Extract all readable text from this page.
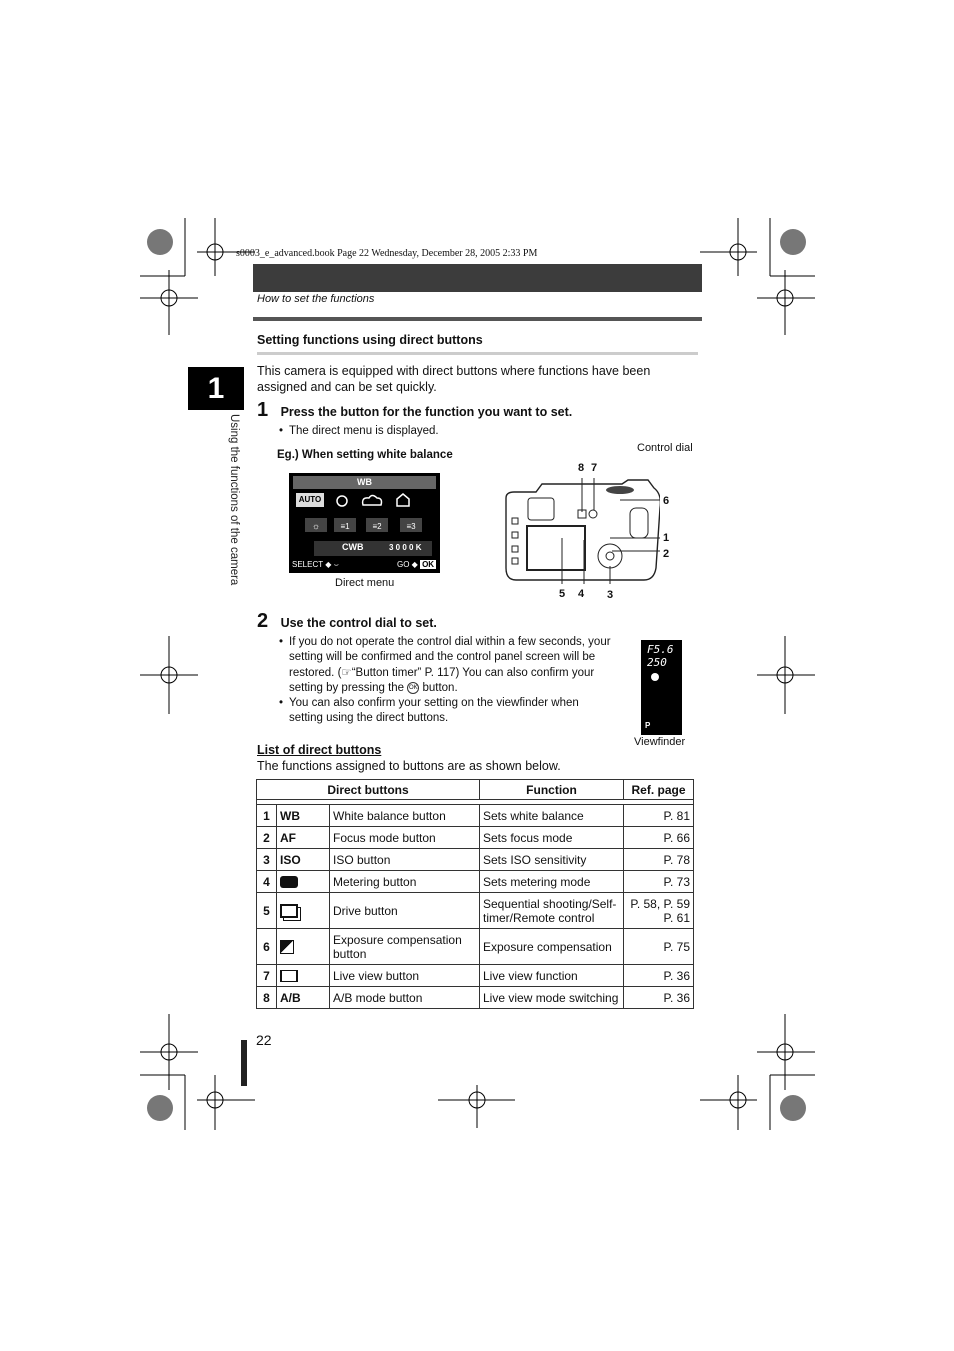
s0003_e_advanced.book Page 22 Wednesday, December 28, 2005 2:33 PM
How to set the functions
Setting functions using direct buttons
1
Using the functions of the camera
This camera is equipped with direct buttons where functions have been assigned and can be set quickly.
1 Press the button for the function you want to set.
• The direct menu is displayed.
Eg.) When setting white balance
WB
AUTO
☼	≡1	≡2	≡3
CWB	3 0 0 0 K
SELECT ◆ ⌣	GO ◆ OK
Direct menu
Control dial
8 7
6
1
2
5 4 3
2 Use the control dial to set.
• If you do not operate the control dial within a few seconds, your setting will be confirmed and the control panel screen will be restored. (☞“Button timer” P. 117) You can also confirm your setting by pressing the OK button.
• You can also confirm your setting on the viewfinder when setting using the direct buttons.
F5.6
250
P
Viewfinder
List of direct buttons
The functions assigned to buttons are as shown below.
Direct buttons			Function	Ref. page

1	WB	White balance button	Sets white balance	P. 81
2	AF	Focus mode button	Sets focus mode	P. 66
3	ISO	ISO button	Sets ISO sensitivity	P. 78
4		Metering button	Sets metering mode	P. 73
5		Drive button	Sequential shooting/Self-timer/Remote control	P. 58, P. 59 P. 61
6		Exposure compensation button	Exposure compensation	P. 75
7		Live view button	Live view function	P. 36
8	A/B	A/B mode button	Live view mode switching	P. 36
22
